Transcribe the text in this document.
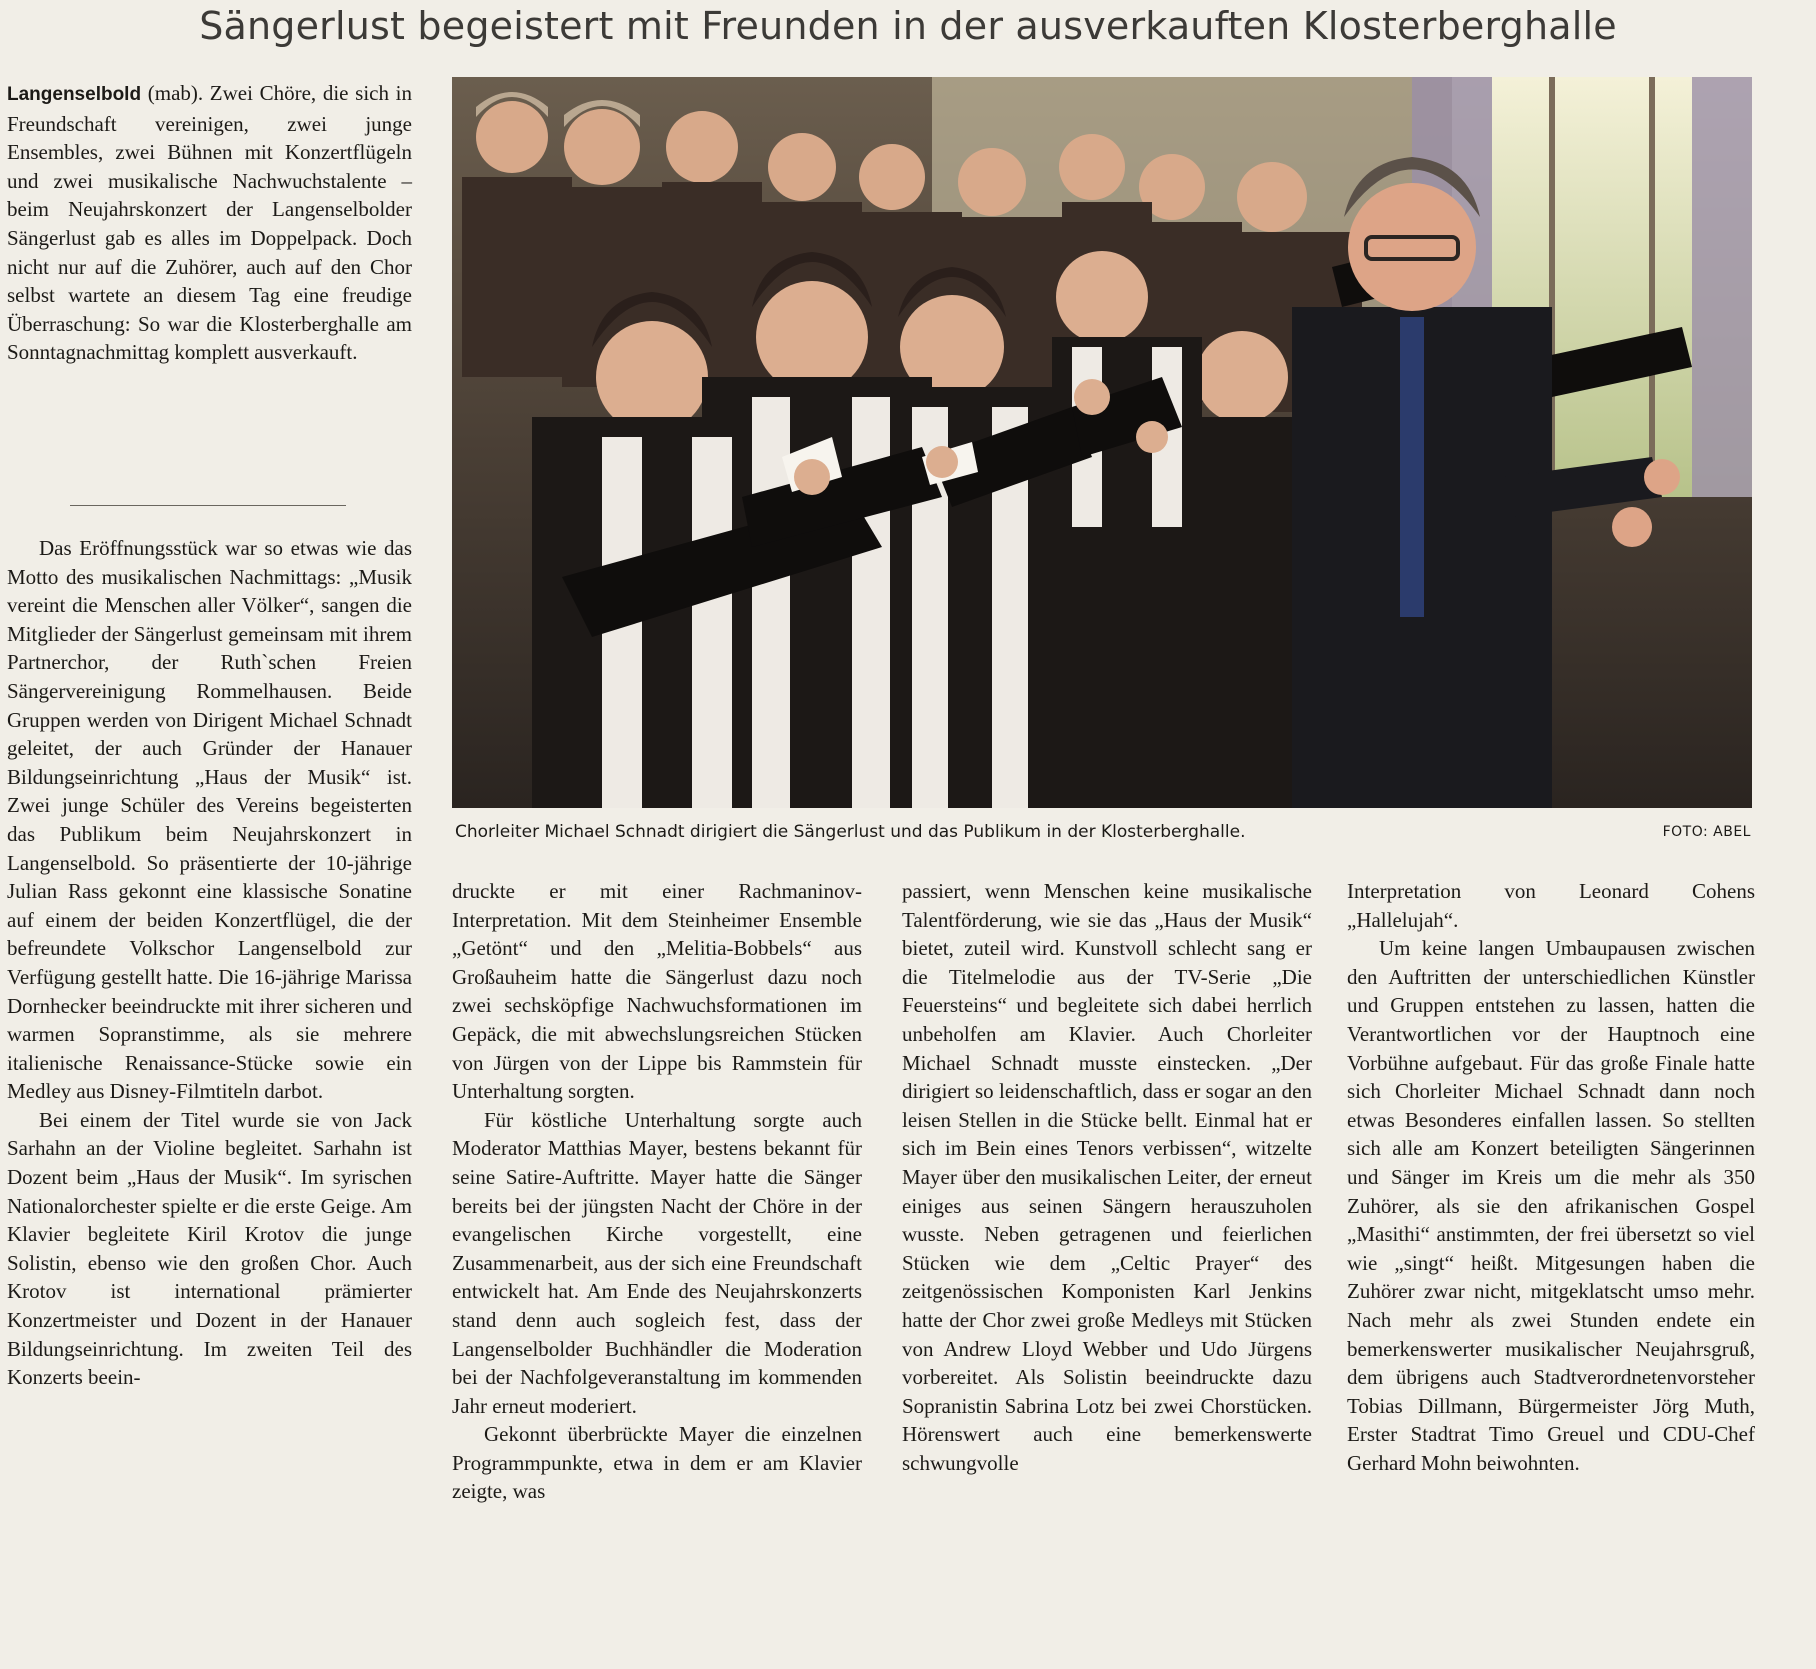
Sängerlust begeistert mit Freunden in der ausverkauften Klosterberghalle

Langenselbold (mab). Zwei Chöre, die sich in Freundschaft vereinigen, zwei junge Ensembles, zwei Bühnen mit Konzertflügeln und zwei musikalische Nachwuchstalente – beim Neujahrskonzert der Langenselbolder Sängerlust gab es alles im Doppelpack. Doch nicht nur auf die Zuhörer, auch auf den Chor selbst wartete an diesem Tag eine freudige Überraschung: So war die Klosterberghalle am Sonntagnachmittag komplett ausverkauft.

Das Eröffnungsstück war so etwas wie das Motto des musikalischen Nachmittags: „Musik vereint die Menschen aller Völker“, sangen die Mitglieder der Sängerlust gemeinsam mit ihrem Partnerchor, der Ruth`schen Freien Sängervereinigung Rommelhausen. Beide Gruppen werden von Dirigent Michael Schnadt geleitet, der auch Gründer der Hanauer Bildungseinrichtung „Haus der Musik“ ist. Zwei junge Schüler des Vereins begeisterten das Publikum beim Neujahrskonzert in Langenselbold. So präsentierte der 10-jährige Julian Rass gekonnt eine klassische Sonatine auf einem der beiden Konzertflügel, die der befreundete Volkschor Langenselbold zur Verfügung gestellt hatte. Die 16-jährige Marissa Dornhecker beeindruckte mit ihrer sicheren und warmen Sopranstimme, als sie mehrere italienische Renaissance-Stücke sowie ein Medley aus Disney-Filmtiteln darbot.

Bei einem der Titel wurde sie von Jack Sarhahn an der Violine begleitet. Sarhahn ist Dozent beim „Haus der Musik“. Im syrischen Nationalorchester spielte er die erste Geige. Am Klavier begleitete Kiril Krotov die junge Solistin, ebenso wie den großen Chor. Auch Krotov ist international prämierter Konzertmeister und Dozent in der Hanauer Bildungseinrichtung. Im zweiten Teil des Konzerts beein-

Chorleiter Michael Schnadt dirigiert die Sängerlust und das Publikum in der Klosterberghalle.	FOTO: ABEL

druckte er mit einer Rachmaninov-Interpretation. Mit dem Steinheimer Ensemble „Getönt“ und den „Melitia-Bobbels“ aus Großauheim hatte die Sängerlust dazu noch zwei sechsköpfige Nachwuchsformationen im Gepäck, die mit abwechslungsreichen Stücken von Jürgen von der Lippe bis Rammstein für Unterhaltung sorgten.

Für köstliche Unterhaltung sorgte auch Moderator Matthias Mayer, bestens bekannt für seine Satire-Auftritte. Mayer hatte die Sänger bereits bei der jüngsten Nacht der Chöre in der evangelischen Kirche vorgestellt, eine Zusammenarbeit, aus der sich eine Freundschaft entwickelt hat. Am Ende des Neujahrskonzerts stand denn auch sogleich fest, dass der Langenselbolder Buchhändler die Moderation bei der Nachfolgeveranstaltung im kommenden Jahr erneut moderiert.

Gekonnt überbrückte Mayer die einzelnen Programmpunkte, etwa in dem er am Klavier zeigte, was

passiert, wenn Menschen keine musikalische Talentförderung, wie sie das „Haus der Musik“ bietet, zuteil wird. Kunstvoll schlecht sang er die Titelmelodie aus der TV-Serie „Die Feuersteins“ und begleitete sich dabei herrlich unbeholfen am Klavier. Auch Chorleiter Michael Schnadt musste einstecken. „Der dirigiert so leidenschaftlich, dass er sogar an den leisen Stellen in die Stücke bellt. Einmal hat er sich im Bein eines Tenors verbissen“, witzelte Mayer über den musikalischen Leiter, der erneut einiges aus seinen Sängern herauszuholen wusste. Neben getragenen und feierlichen Stücken wie dem „Celtic Prayer“ des zeitgenössischen Komponisten Karl Jenkins hatte der Chor zwei große Medleys mit Stücken von Andrew Lloyd Webber und Udo Jürgens vorbereitet. Als Solistin beeindruckte dazu Sopranistin Sabrina Lotz bei zwei Chorstücken. Hörenswert auch eine bemerkenswerte schwungvolle

Interpretation von Leonard Cohens „Hallelujah“.

Um keine langen Umbaupausen zwischen den Auftritten der unterschiedlichen Künstler und Gruppen entstehen zu lassen, hatten die Verantwortlichen vor der Hauptnoch eine Vorbühne aufgebaut. Für das große Finale hatte sich Chorleiter Michael Schnadt dann noch etwas Besonderes einfallen lassen. So stellten sich alle am Konzert beteiligten Sängerinnen und Sänger im Kreis um die mehr als 350 Zuhörer, als sie den afrikanischen Gospel „Masithi“ anstimmten, der frei übersetzt so viel wie „singt“ heißt. Mitgesungen haben die Zuhörer zwar nicht, mitgeklatscht umso mehr. Nach mehr als zwei Stunden endete ein bemerkenswerter musikalischer Neujahrsgruß, dem übrigens auch Stadtverordnetenvorsteher Tobias Dillmann, Bürgermeister Jörg Muth, Erster Stadtrat Timo Greuel und CDU-Chef Gerhard Mohn beiwohnten.
